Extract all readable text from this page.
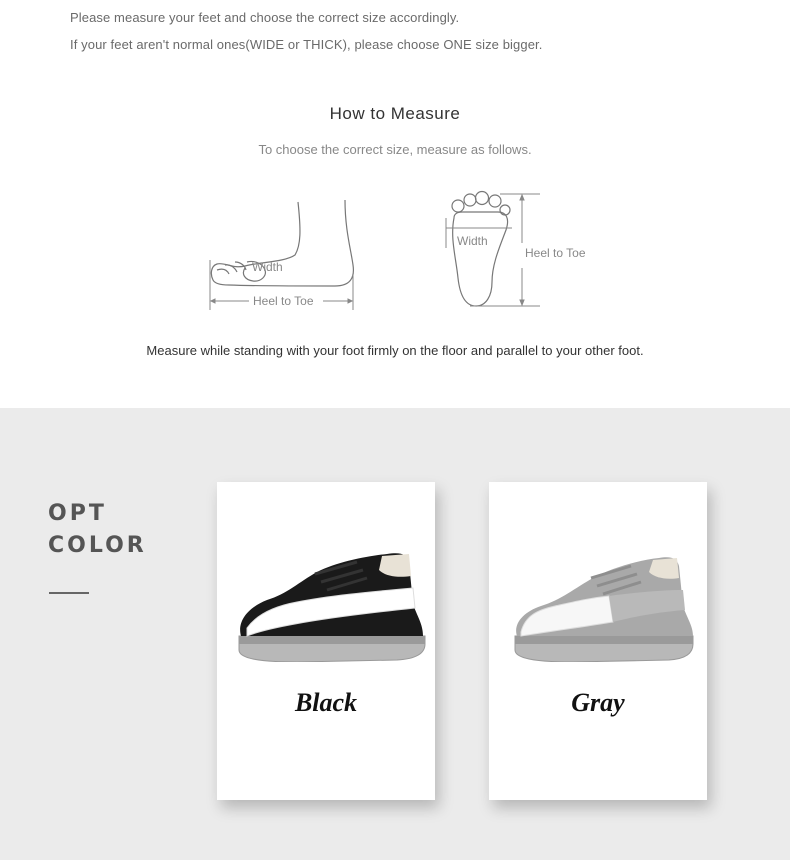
Please measure your feet and choose the correct size accordingly.
If your feet aren't normal ones(WIDE or THICK), please choose ONE size bigger.
How to Measure
To choose the correct size, measure as follows.
Width
Heel to Toe
Width
Heel to Toe
Measure while standing with your foot firmly on the floor and parallel to your other foot.
OPT
COLOR
Black	Gray
